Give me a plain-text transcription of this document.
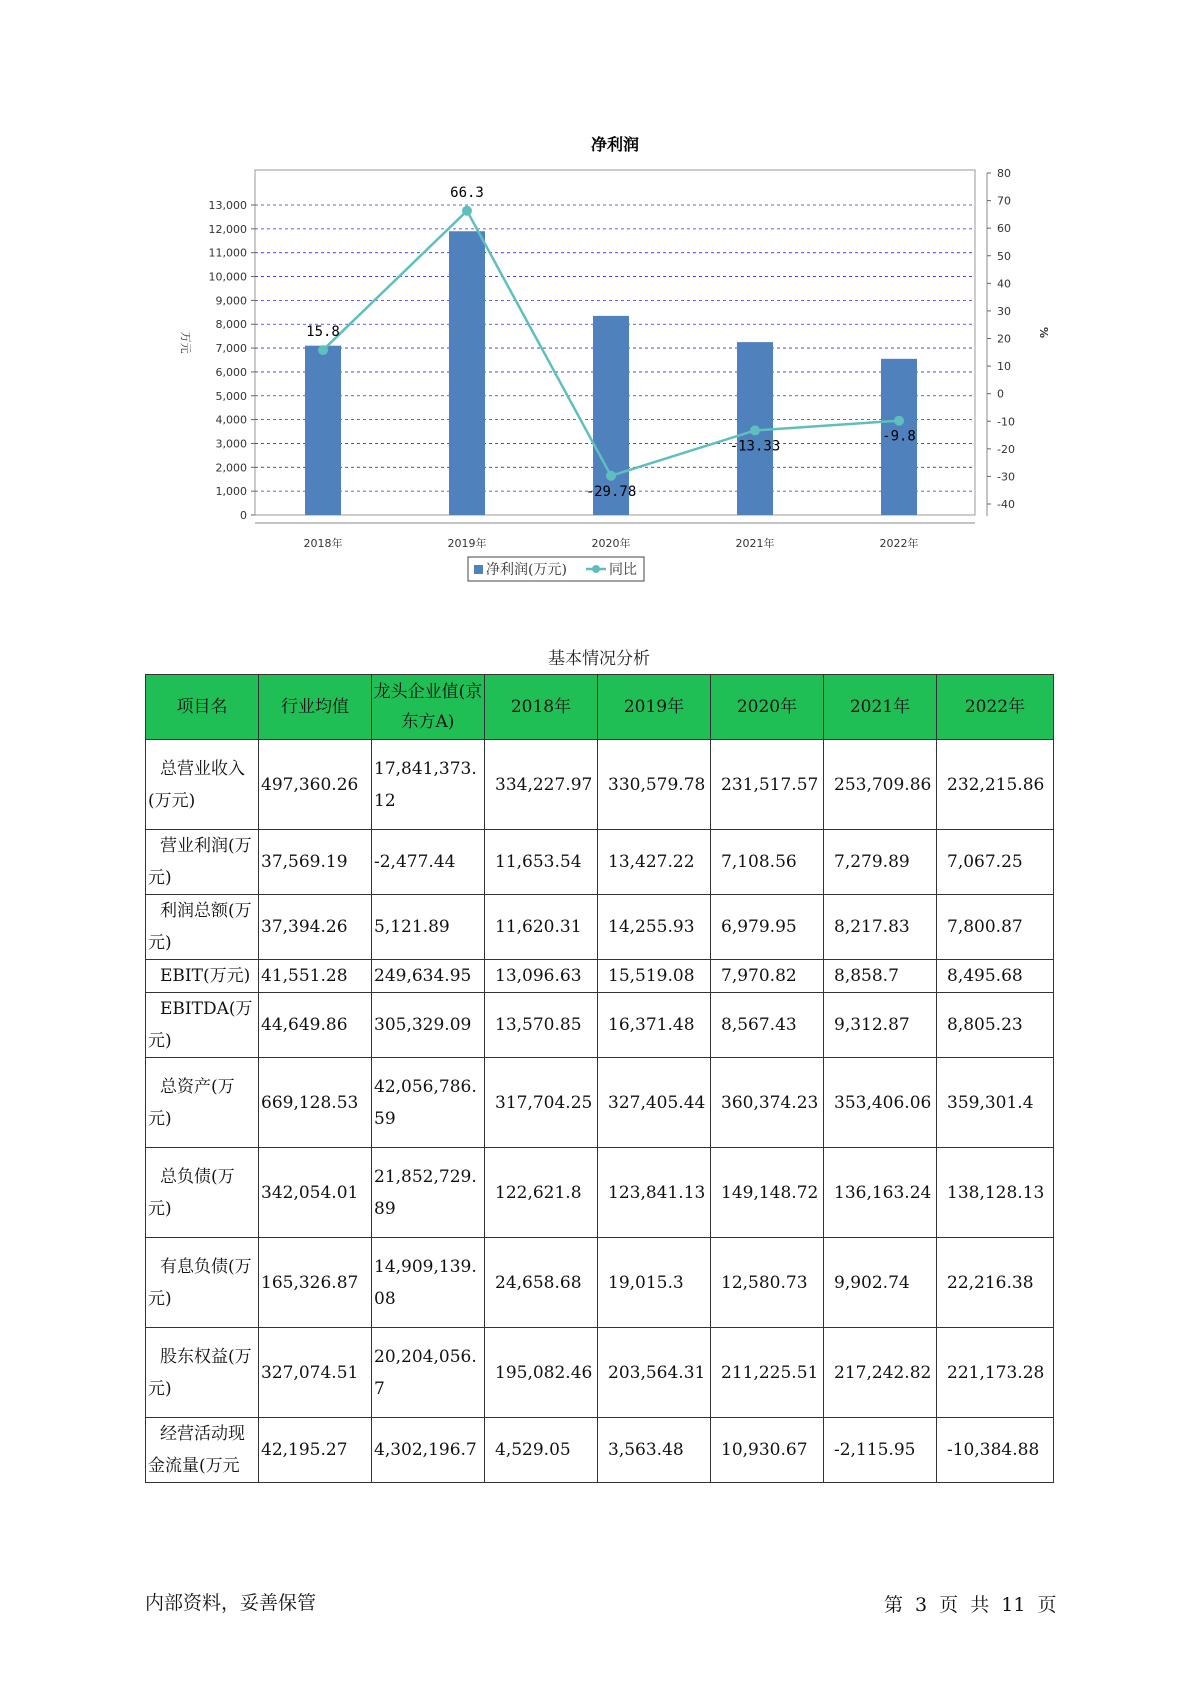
净利润
0
1,000
2,000
3,000
4,000
5,000
6,000
7,000
8,000
9,000
10,000
11,000
12,000
13,000
万元
-40
-30
-20
-10
0
10
20
30
40
50
60
70
80
%
2018年	2019年	2020年	2021年	2022年
15.8
66.3
-29.78
-13.33
-9.8
净利润(万元)	同比
基本情况分析
项目名	行业均值	龙头企业值(京东方A)	2018年	2019年	2020年	2021年	2022年
总营业收入(万元)	497,360.26	17,841,373.12	334,227.97	330,579.78	231,517.57	253,709.86	232,215.86
营业利润(万元)	37,569.19	-2,477.44	11,653.54	13,427.22	7,108.56	7,279.89	7,067.25
利润总额(万元)	37,394.26	5,121.89	11,620.31	14,255.93	6,979.95	8,217.83	7,800.87
EBIT(万元)	41,551.28	249,634.95	13,096.63	15,519.08	7,970.82	8,858.7	8,495.68
EBITDA(万元)	44,649.86	305,329.09	13,570.85	16,371.48	8,567.43	9,312.87	8,805.23
总资产(万元)	669,128.53	42,056,786.59	317,704.25	327,405.44	360,374.23	353,406.06	359,301.4
总负债(万元)	342,054.01	21,852,729.89	122,621.8	123,841.13	149,148.72	136,163.24	138,128.13
有息负债(万元)	165,326.87	14,909,139.08	24,658.68	19,015.3	12,580.73	9,902.74	22,216.38
股东权益(万元)	327,074.51	20,204,056.7	195,082.46	203,564.31	211,225.51	217,242.82	221,173.28
经营活动现金流量(万元	42,195.27	4,302,196.7	4,529.05	3,563.48	10,930.67	-2,115.95	-10,384.88
内部资料，妥善保管	第 3 页 共 11 页
